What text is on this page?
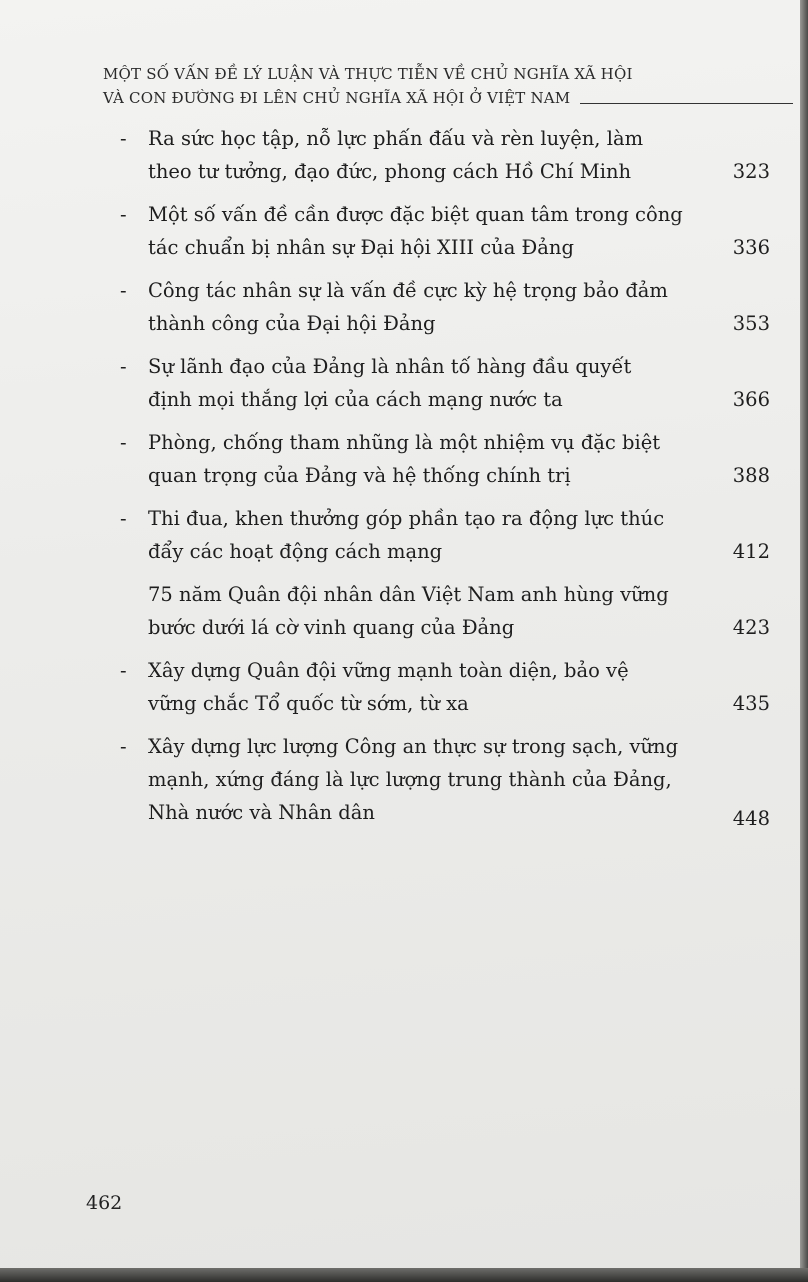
MỘT SỐ VẤN ĐỀ LÝ LUẬN VÀ THỰC TIỄN VỀ CHỦ NGHĨA XÃ HỘI
VÀ CON ĐƯỜNG ĐI LÊN CHỦ NGHĨA XÃ HỘI Ở VIỆT NAM
-	Ra sức học tập, nỗ lực phấn đấu và rèn luyện, làm
theo tư tưởng, đạo đức, phong cách Hồ Chí Minh	323
-	Một số vấn đề cần được đặc biệt quan tâm trong công
tác chuẩn bị nhân sự Đại hội XIII của Đảng	336
-	Công tác nhân sự là vấn đề cực kỳ hệ trọng bảo đảm
thành công của Đại hội Đảng	353
-	Sự lãnh đạo của Đảng là nhân tố hàng đầu quyết
định mọi thắng lợi của cách mạng nước ta	366
-	Phòng, chống tham nhũng là một nhiệm vụ đặc biệt
quan trọng của Đảng và hệ thống chính trị	388
-	Thi đua, khen thưởng góp phần tạo ra động lực thúc
đẩy các hoạt động cách mạng	412
75 năm Quân đội nhân dân Việt Nam anh hùng vững
bước dưới lá cờ vinh quang của Đảng	423
-	Xây dựng Quân đội vững mạnh toàn diện, bảo vệ
vững chắc Tổ quốc từ sớm, từ xa	435
-	Xây dựng lực lượng Công an thực sự trong sạch, vững
mạnh, xứng đáng là lực lượng trung thành của Đảng,
Nhà nước và Nhân dân	448
462
